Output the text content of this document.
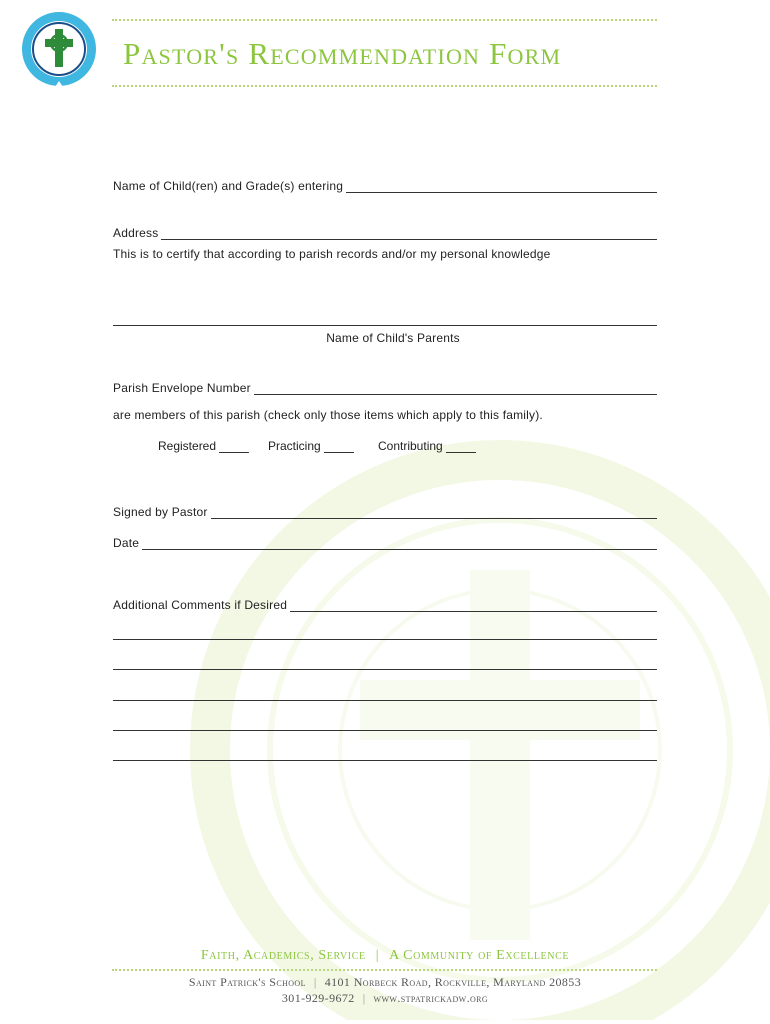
Pastor's Recommendation Form
Name of Child(ren) and Grade(s) entering
Address
This is to certify that according to parish records and/or my personal knowledge
Name of Child's Parents
Parish Envelope Number
are members of this parish (check only those items which apply to this family).
Registered	Practicing	Contributing
Signed by Pastor
Date
Additional Comments if Desired
Faith, Academics, Service | A Community of Excellence
Saint Patrick's School | 4101 Norbeck Road, Rockville, Maryland 20853
301-929-9672 | www.stpatrickadw.org
